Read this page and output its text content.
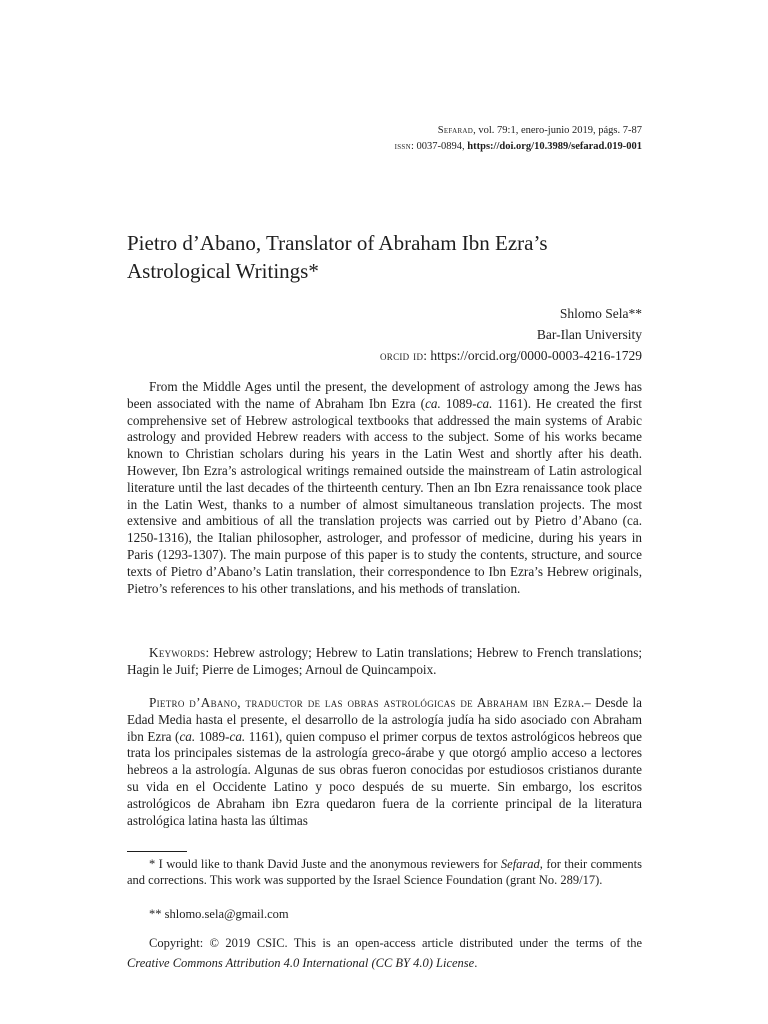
Sefarad, vol. 79:1, enero-junio 2019, págs. 7-87
issn: 0037-0894, https://doi.org/10.3989/sefarad.019-001
Pietro d’Abano, Translator of Abraham Ibn Ezra’s
Astrological Writings*
Shlomo Sela**
Bar-Ilan University
orcid id: https://orcid.org/0000-0003-4216-1729

From the Middle Ages until the present, the development of astrology among the Jews has been associated with the name of Abraham Ibn Ezra (ca. 1089-ca. 1161). He created the first comprehensive set of Hebrew astrological textbooks that addressed the main systems of Arabic astrology and provided Hebrew readers with access to the subject. Some of his works became known to Christian scholars during his years in the Latin West and shortly after his death. However, Ibn Ezra’s astrological writings remained outside the mainstream of Latin astrological literature until the last decades of the thirteenth century. Then an Ibn Ezra renaissance took place in the Latin West, thanks to a number of almost simultaneous translation projects. The most extensive and ambitious of all the translation projects was carried out by Pietro d’Abano (ca. 1250-1316), the Italian philosopher, astrologer, and professor of medicine, during his years in Paris (1293-1307). The main purpose of this paper is to study the contents, structure, and source texts of Pietro d’Abano’s Latin translation, their correspondence to Ibn Ezra’s Hebrew originals, Pietro’s references to his other translations, and his methods of translation.

Keywords: Hebrew astrology; Hebrew to Latin translations; Hebrew to French translations; Hagin le Juif; Pierre de Limoges; Arnoul de Quincampoix.

Pietro d’Abano, traductor de las obras astrológicas de Abraham ibn Ezra.– Desde la Edad Media hasta el presente, el desarrollo de la astrología judía ha sido asociado con Abraham ibn Ezra (ca. 1089-ca. 1161), quien compuso el primer corpus de textos astrológicos hebreos que trata los principales sistemas de la astrología greco-árabe y que otorgó amplio acceso a lectores hebreos a la astrología. Algunas de sus obras fueron conocidas por estudiosos cristianos durante su vida en el Occidente Latino y poco después de su muerte. Sin embargo, los escritos astrológicos de Abraham ibn Ezra quedaron fuera de la corriente principal de la literatura astrológica latina hasta las últimas

* I would like to thank David Juste and the anonymous reviewers for Sefarad, for their comments and corrections. This work was supported by the Israel Science Foundation (grant No. 289/17).

** shlomo.sela@gmail.com

Copyright: © 2019 CSIC. This is an open-access article distributed under the terms of the Creative Commons Attribution 4.0 International (CC BY 4.0) License.
